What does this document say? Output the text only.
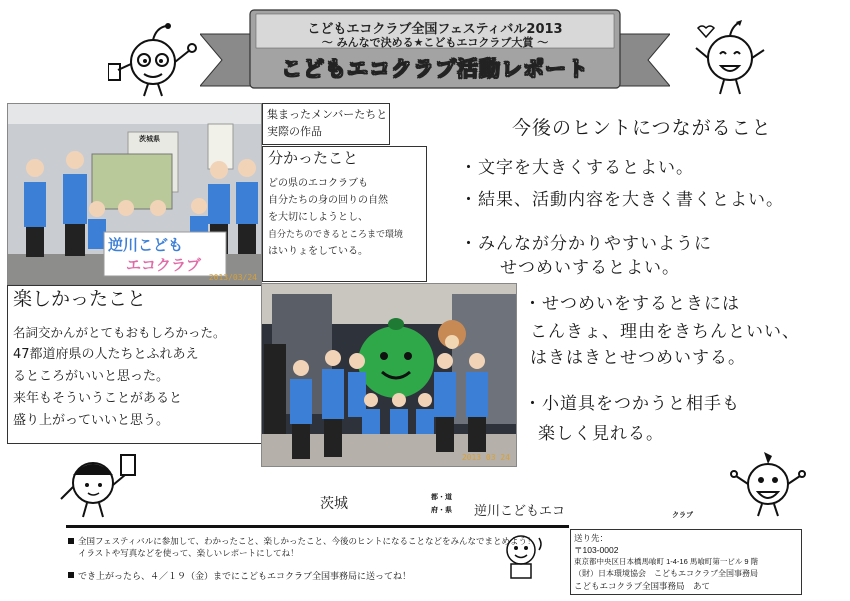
こどもエコクラブ全国フェスティバル2013
～ みんなで決める★こどもエコクラブ大賞 ～
こどもエコクラブ活動レポート
茨城県
逆川こども
エコクラブ
2013/03/24
集まったメンバーたちと
実際の作品
分かったこと
どの県のエコクラブも
自分たちの身の回りの自然
を大切にしようとし、
自分たちのできるところまで環境
はいりょをしている。
楽しかったこと
名詞交かんがとてもおもしろかった。
47都道府県の人たちとふれあえ
るところがいいと思った。
来年もそういうことがあると
盛り上がっていいと思う。
2013 03 24
今後のヒントにつながること
・文字を大きくするとよい。
・結果、活動内容を大きく書くとよい。
・みんなが分かりやすいように
せつめいするとよい。
・せつめいをするときには
こんきょ、理由をきちんといい、
はきはきとせつめいする。
・小道具をつかうと相手も
楽しく見れる。
茨城	都・道
府・県 逆川こどもエコ	クラブ
全国フェスティバルに参加して、わかったこと、楽しかったこと、今後のヒントになることなどをみんなでまとめよう！
イラストや写真などを使って、楽しいレポートにしてね！
でき上がったら、４／１９（金）までにこどもエコクラブ全国事務局に送ってね！
送り先：
〒103-0002
東京都中央区日本橋馬喰町 1-4-16 馬喰町第一ビル 9 階
（財）日本環境協会　こどもエコクラブ全国事務局
こどもエコクラブ全国事務局　あて
